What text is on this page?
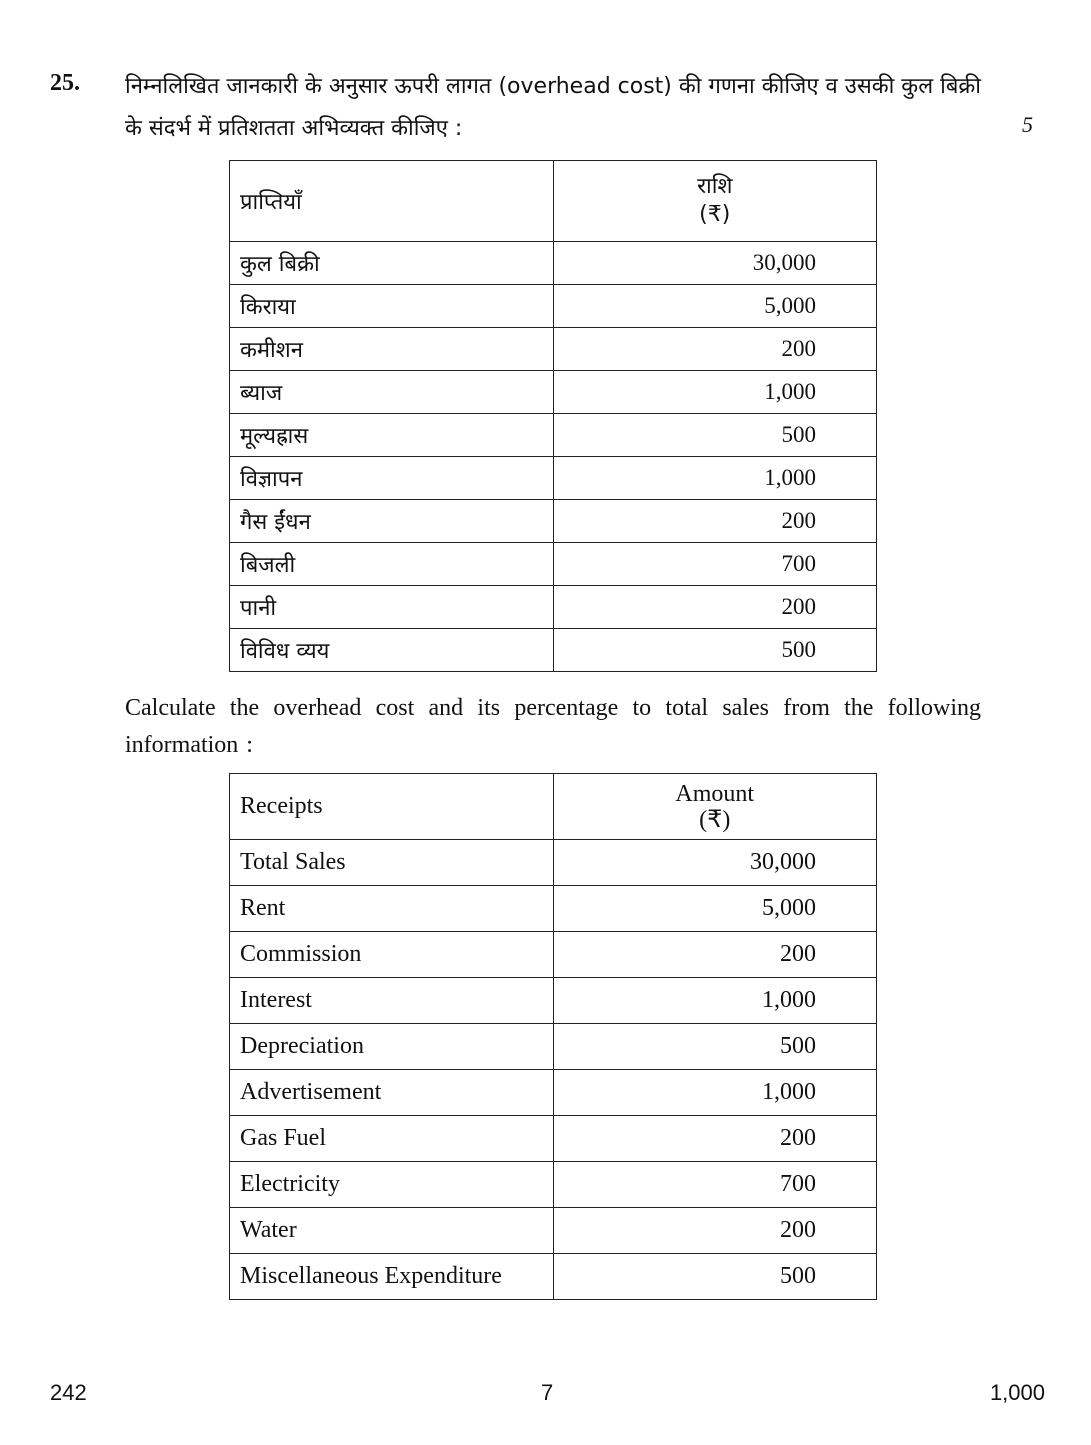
25. निम्नलिखित जानकारी के अनुसार ऊपरी लागत (overhead cost) की गणना कीजिए व उसकी कुल बिक्री के संदर्भ में प्रतिशतता अभिव्यक्त कीजिए :	5
प्राप्तियाँ	राशि
(₹)

कुल बिक्री	30,000
किराया	5,000
कमीशन	200
ब्याज	1,000
मूल्यह्रास	500
विज्ञापन	1,000
गैस ईंधन	200
बिजली	700
पानी	200
विविध व्यय	500
Calculate the overhead cost and its percentage to total sales from the following information :
Receipts	Amount
(₹)

Total Sales	30,000
Rent	5,000
Commission	200
Interest	1,000
Depreciation	500
Advertisement	1,000
Gas Fuel	200
Electricity	700
Water	200
Miscellaneous Expenditure	500
242	7	1,000
